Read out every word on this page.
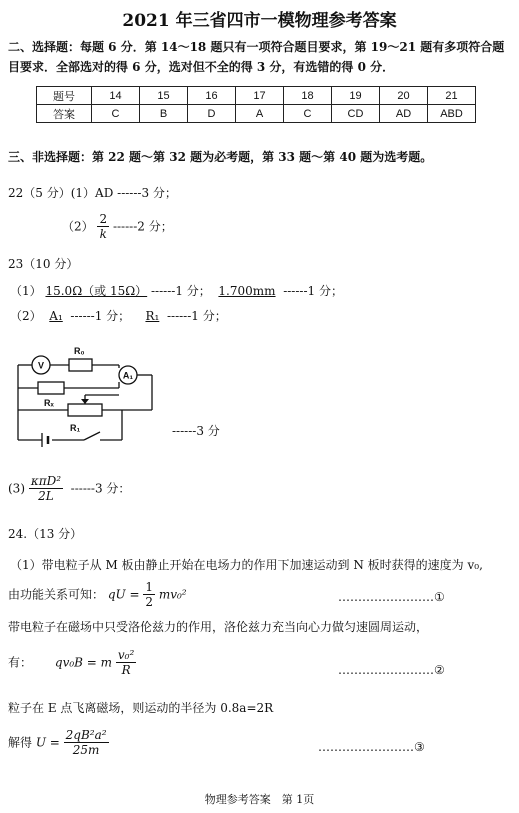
2021 年三省四市一模物理参考答案
二、选择题：每题 6 分．第 14～18 题只有一项符合题目要求，第 19～21 题有多项符合题
目要求．全部选对的得 6 分，选对但不全的得 3 分，有选错的得 0 分．
题号	14	15	16	17	18	19	20	21
答案	C	B	D	A	C	CD	AD	ABD
三、非选择题：第 22 题～第 32 题为必考题，第 33 题～第 40 题为选考题。
22（5 分）(1）AD ------3 分；
$(2) \frac{2}{k} ------2$ 分；
23（10 分）
（1） 15.0Ω（或 15Ω） ------1 分； 1.700mm ------1 分；
（2） A₁ ------1 分； R₁ ------1 分；
V
R₀
A₁
Rₓ
R₁	------3 分
$(3) \frac{\text{κπD²}}{2L} ------3$ 分：
24.（13 分）
（1）带电粒子从 M 板由静止开始在电场力的作用下加速运动到 N 板时获得的速度为 v₀,
由功能关系可知： qU = $\frac{1}{2} mv_0^2$	……………………①
带电粒子在磁场中只受洛伦兹力的作用，洛伦兹力充当向心力做匀速圆周运动，
有： qv₀B = m $\frac{\text{v₀²}}{R}$	……………………②
粒子在 E 点飞离磁场，则运动的半径为 0.8a=2R
解得 $U = \frac{\text{2qB²a²}}{25m}$	……………………③
物理参考答案　第 1页
